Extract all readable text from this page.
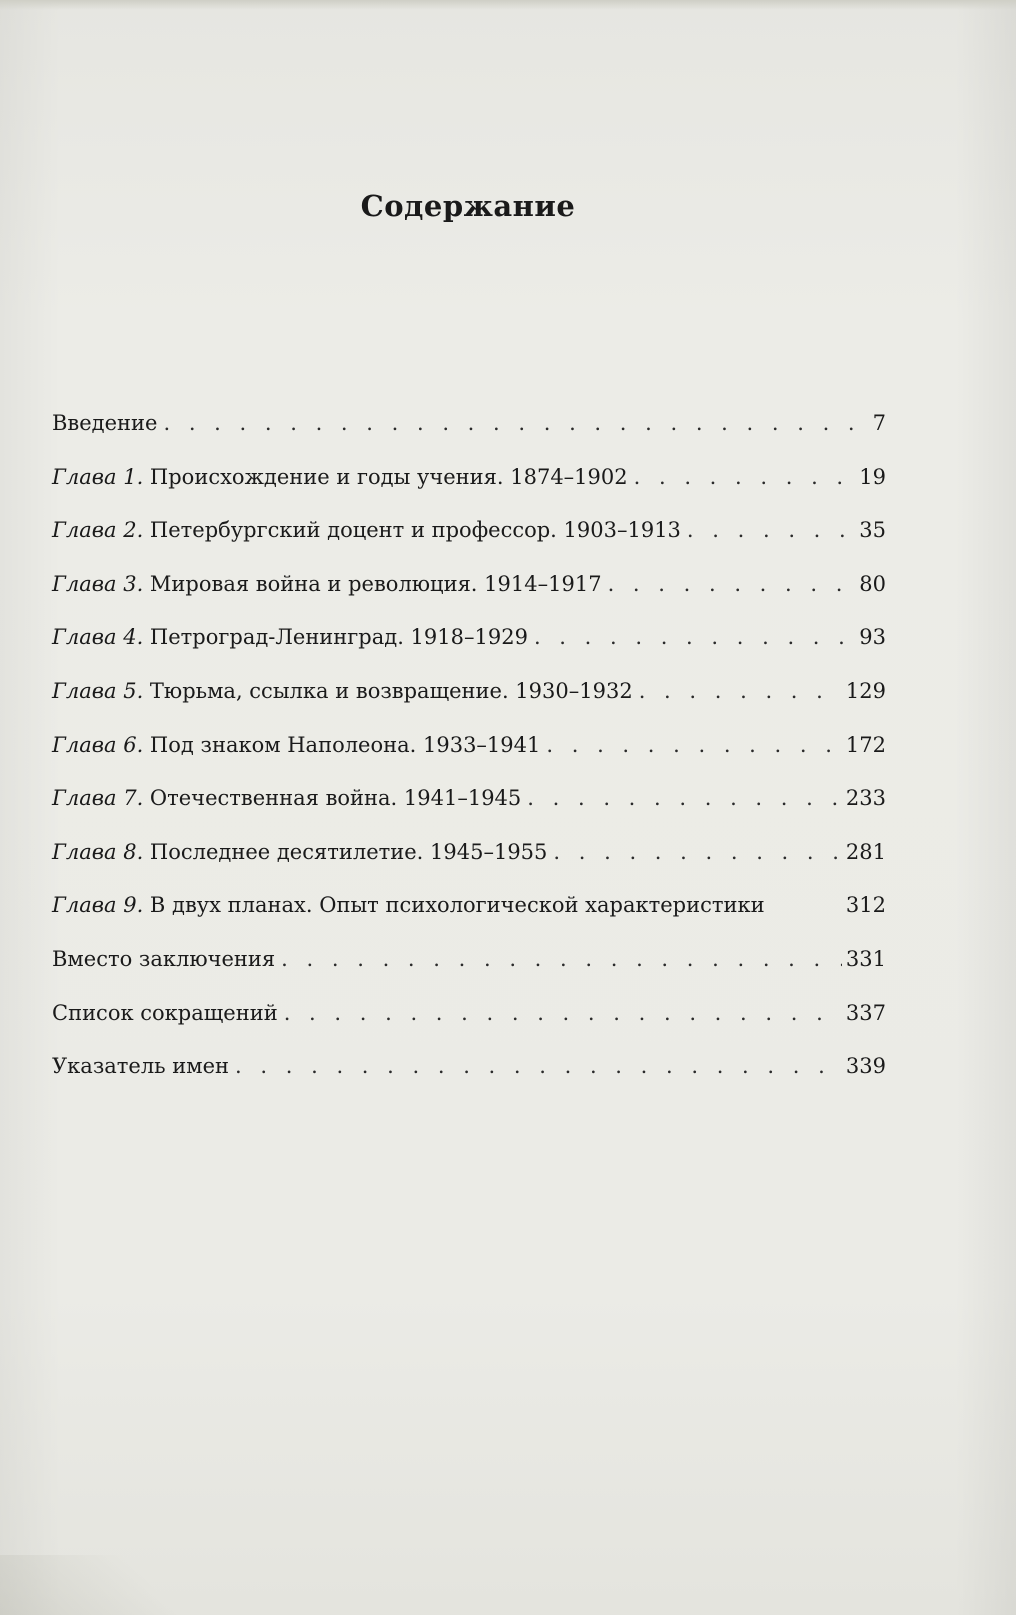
Содержание
Введение . . .	7
Глава 1. Происхождение и годы учения. 1874–1902 . . .	19
Глава 2. Петербургский доцент и профессор. 1903–1913 . . .	35
Глава 3. Мировая война и революция. 1914–1917 . . .	80
Глава 4. Петроград-Ленинград. 1918–1929 . . .	93
Глава 5. Тюрьма, ссылка и возвращение. 1930–1932 . . .	129
Глава 6. Под знаком Наполеона. 1933–1941 . . .	172
Глава 7. Отечественная война. 1941–1945 . . .	233
Глава 8. Последнее десятилетие. 1945–1955 . . .	281
Глава 9. В двух планах. Опыт психологической характеристики	312
Вместо заключения . . .	331
Список сокращений . . .	337
Указатель имен . . .	339
